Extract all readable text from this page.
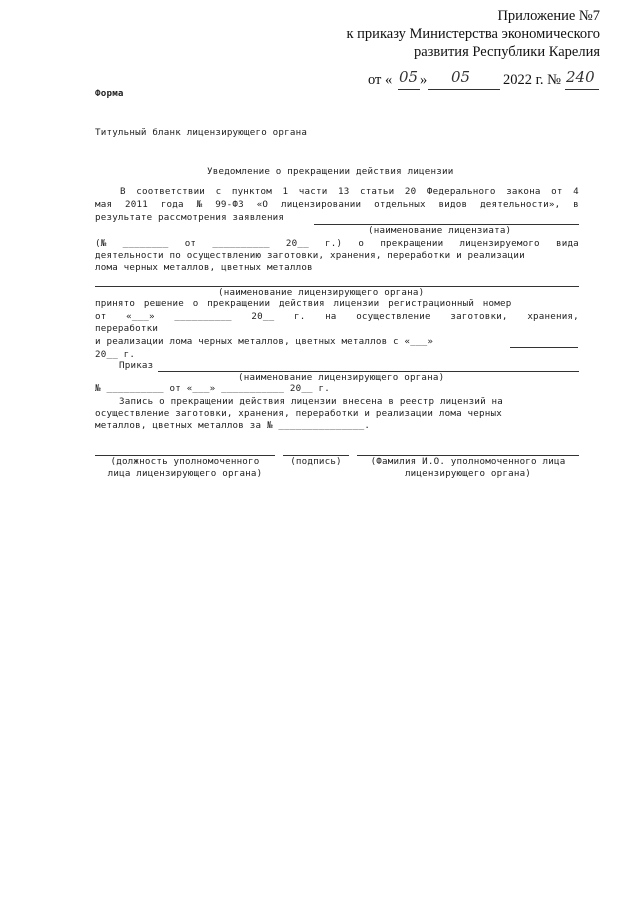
Приложение №7
к приказу Министерства экономического
развития Республики Карелия
от « 05 » 05 2022 г. № 240
Форма
Титульный бланк лицензирующего органа
Уведомление о прекращении действия лицензии
В соответствии с пунктом 1 части 13 статьи 20 Федерального закона от 4
мая 2011 года № 99-ФЗ «О лицензировании отдельных видов деятельности», в
результате рассмотрения заявления
(наименование лицензиата)
(№ ________ от __________ 20__ г.) о прекращении лицензируемого вида
деятельности по осуществлению заготовки, хранения, переработки и реализации
лома черных металлов, цветных металлов
(наименование лицензирующего органа)
принято решение о прекращении действия лицензии регистрационный номер
от «___» __________ 20__ г. на осуществление заготовки, хранения,
переработки
и реализации лома черных металлов, цветных металлов с «___»
20__ г.
Приказ
(наименование лицензирующего органа)
№ __________ от «___» ___________ 20__ г.
Запись о прекращении действия лицензии внесена в реестр лицензий на
осуществление заготовки, хранения, переработки и реализации лома черных
металлов, цветных металлов за № _______________.
(должность уполномоченного
лица лицензирующего органа)
(подпись)	(Фамилия И.О. уполномоченного лица
лицензирующего органа)
